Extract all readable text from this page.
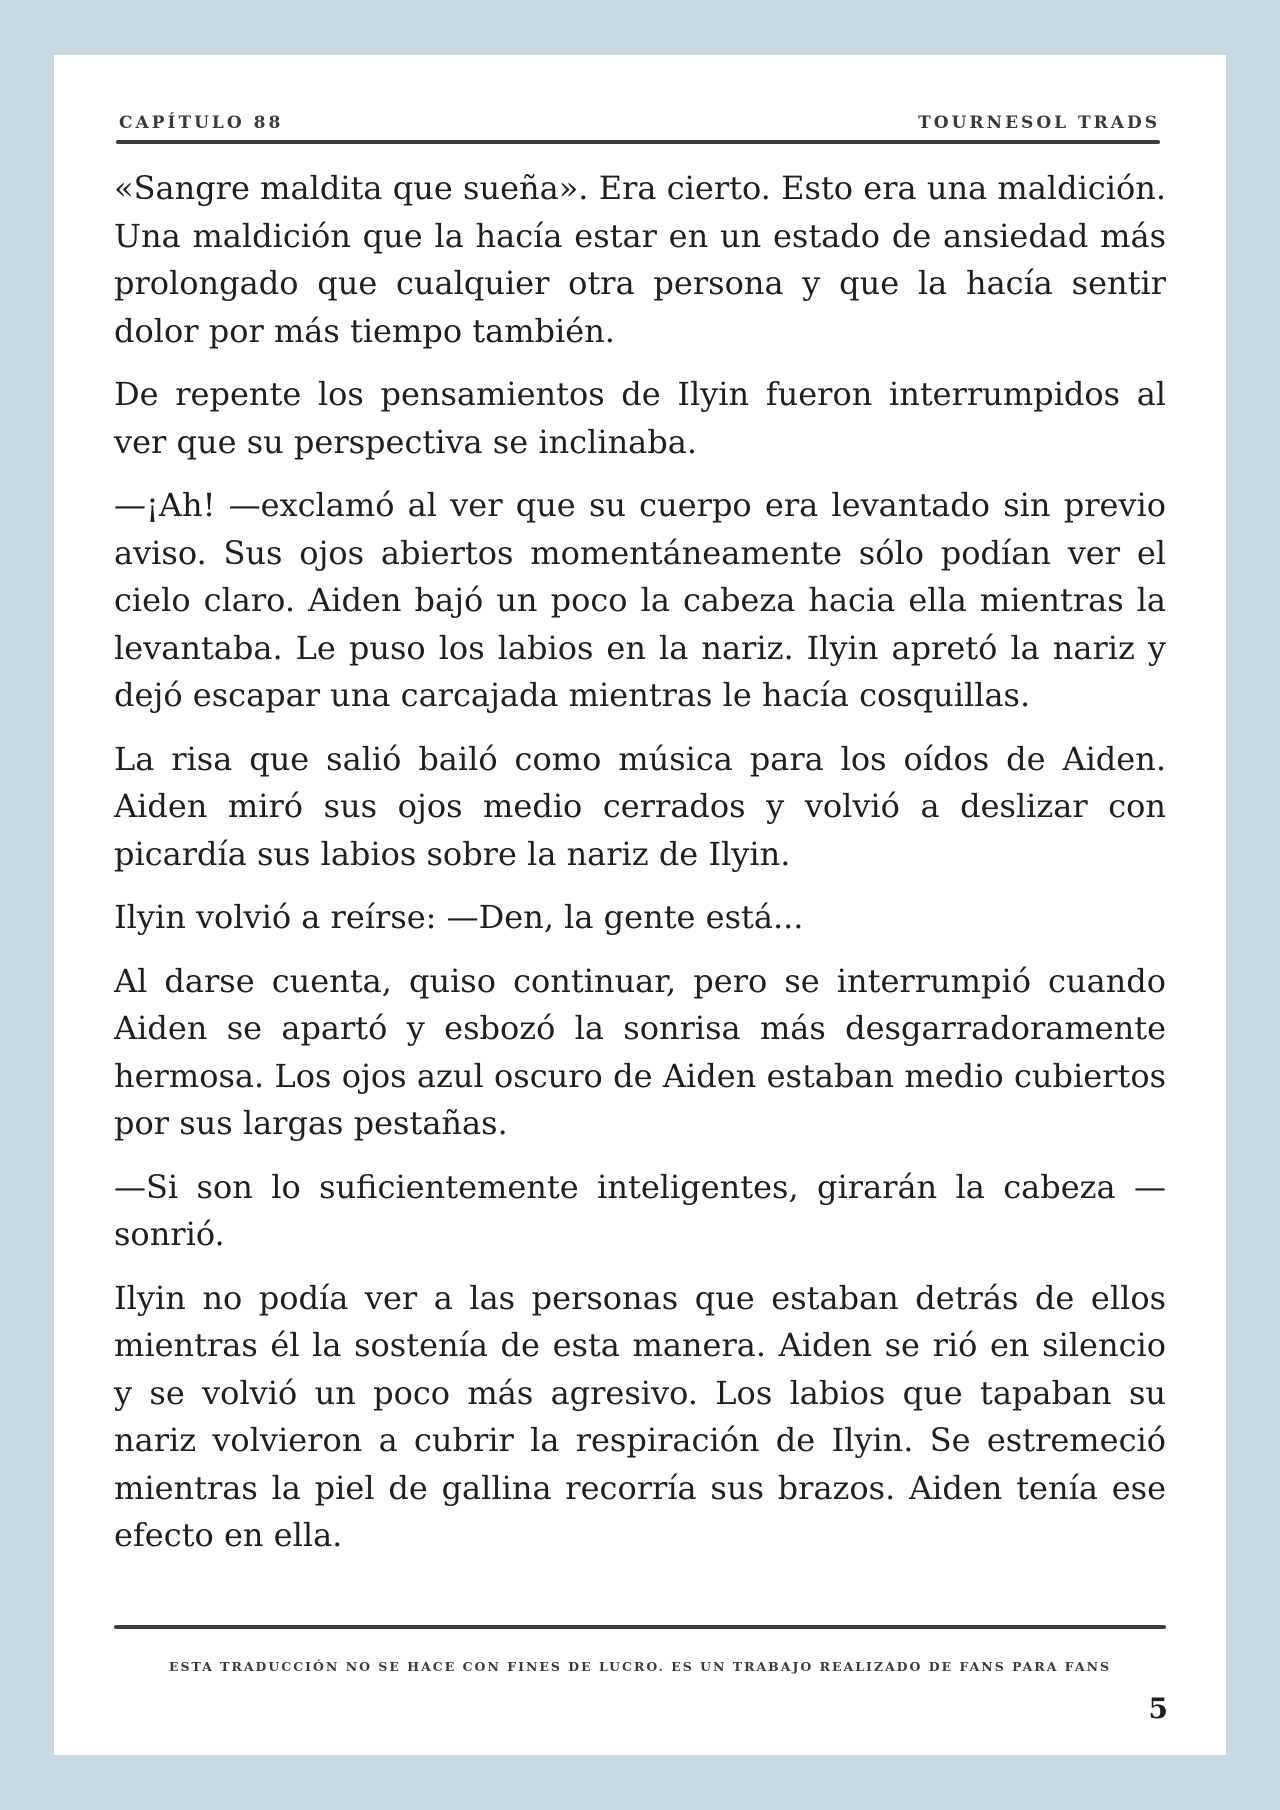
CAPÍTULO 88	TOURNESOL TRADS

«Sangre maldita que sueña». Era cierto. Esto era una maldición. Una maldición que la hacía estar en un estado de ansiedad más prolongado que cualquier otra persona y que la hacía sentir dolor por más tiempo también.

De repente los pensamientos de Ilyin fueron interrumpidos al ver que su perspectiva se inclinaba.

—¡Ah! —exclamó al ver que su cuerpo era levantado sin previo aviso. Sus ojos abiertos momentáneamente sólo podían ver el cielo claro. Aiden bajó un poco la cabeza hacia ella mientras la levantaba. Le puso los labios en la nariz. Ilyin apretó la nariz y dejó escapar una carcajada mientras le hacía cosquillas.

La risa que salió bailó como música para los oídos de Aiden. Aiden miró sus ojos medio cerrados y volvió a deslizar con picardía sus labios sobre la nariz de Ilyin.

Ilyin volvió a reírse: —Den, la gente está...

Al darse cuenta, quiso continuar, pero se interrumpió cuando Aiden se apartó y esbozó la sonrisa más desgarradoramente hermosa. Los ojos azul oscuro de Aiden estaban medio cubiertos por sus largas pestañas.

—Si son lo suficientemente inteligentes, girarán la cabeza —sonrió.

Ilyin no podía ver a las personas que estaban detrás de ellos mientras él la sostenía de esta manera. Aiden se rió en silencio y se volvió un poco más agresivo. Los labios que tapaban su nariz volvieron a cubrir la respiración de Ilyin. Se estremeció mientras la piel de gallina recorría sus brazos. Aiden tenía ese efecto en ella.

ESTA TRADUCCIÓN NO SE HACE CON FINES DE LUCRO. ES UN TRABAJO REALIZADO DE FANS PARA FANS
5
